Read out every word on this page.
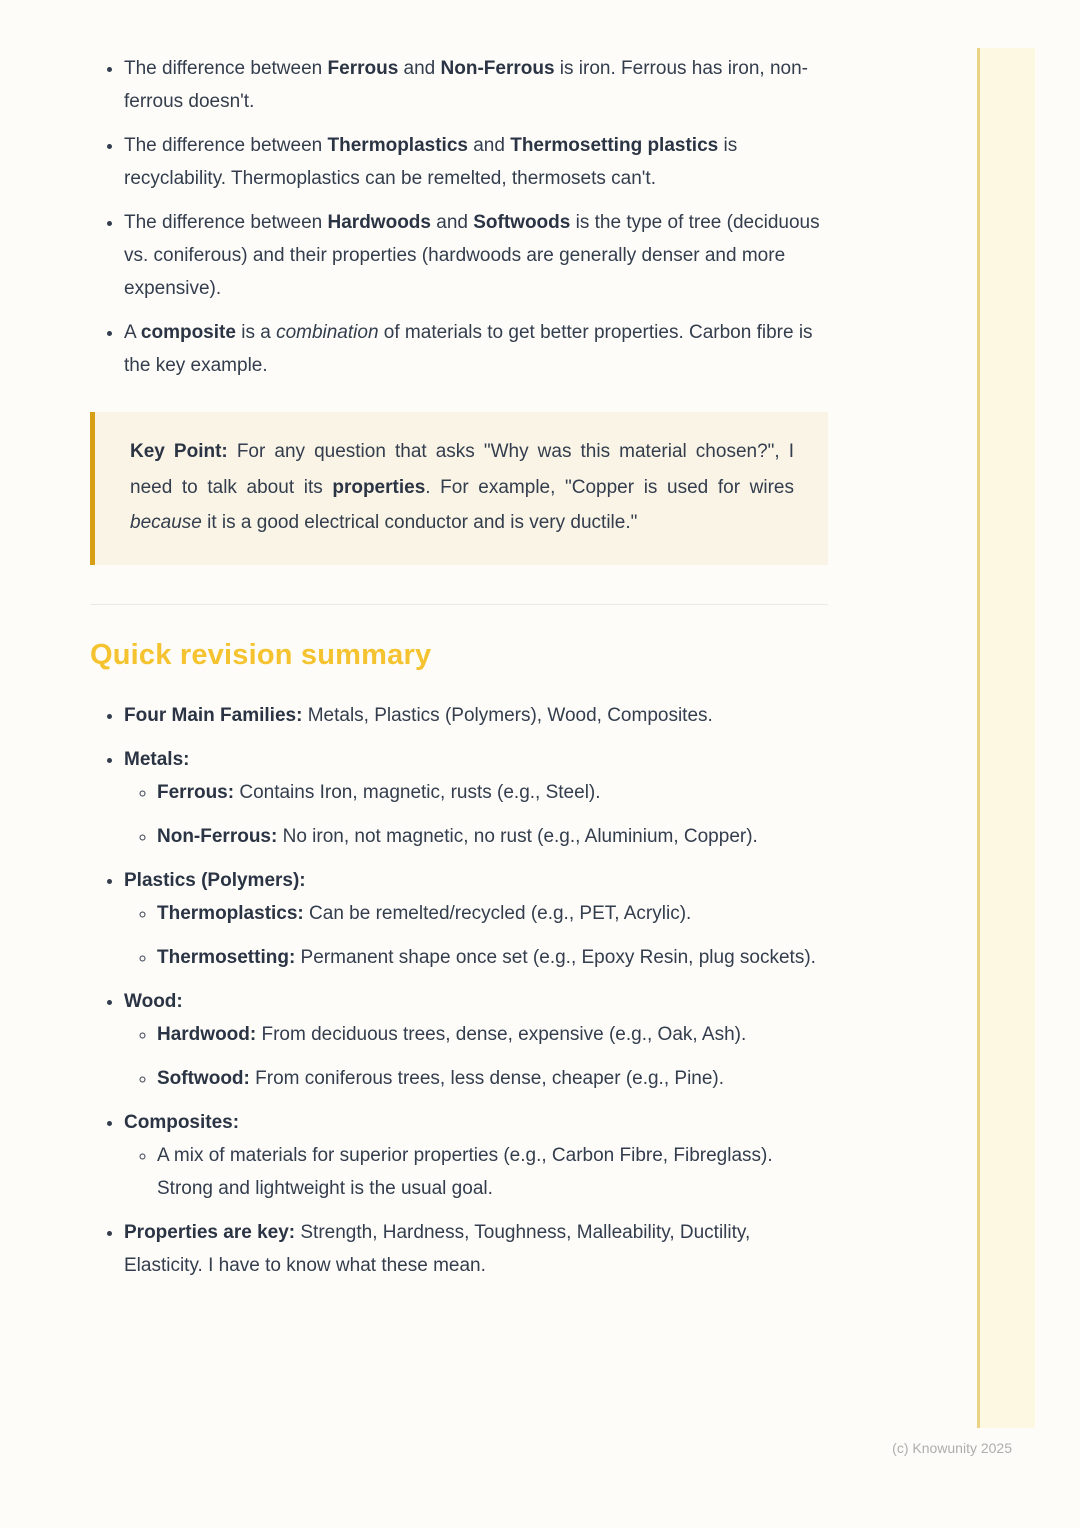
• The difference between Ferrous and Non-Ferrous is iron. Ferrous has iron, non-ferrous doesn't.
• The difference between Thermoplastics and Thermosetting plastics is recyclability. Thermoplastics can be remelted, thermosets can't.
• The difference between Hardwoods and Softwoods is the type of tree (deciduous vs. coniferous) and their properties (hardwoods are generally denser and more expensive).
• A composite is a combination of materials to get better properties. Carbon fibre is the key example.

Key Point: For any question that asks "Why was this material chosen?", I need to talk about its properties. For example, "Copper is used for wires because it is a good electrical conductor and is very ductile."

Quick revision summary
• Four Main Families: Metals, Plastics (Polymers), Wood, Composites.
• Metals:
◦ Ferrous: Contains Iron, magnetic, rusts (e.g., Steel).
◦ Non-Ferrous: No iron, not magnetic, no rust (e.g., Aluminium, Copper).
• Plastics (Polymers):
◦ Thermoplastics: Can be remelted/recycled (e.g., PET, Acrylic).
◦ Thermosetting: Permanent shape once set (e.g., Epoxy Resin, plug sockets).
• Wood:
◦ Hardwood: From deciduous trees, dense, expensive (e.g., Oak, Ash).
◦ Softwood: From coniferous trees, less dense, cheaper (e.g., Pine).
• Composites:
◦ A mix of materials for superior properties (e.g., Carbon Fibre, Fibreglass). Strong and lightweight is the usual goal.
• Properties are key: Strength, Hardness, Toughness, Malleability, Ductility, Elasticity. I have to know what these mean.
(c) Knowunity 2025
